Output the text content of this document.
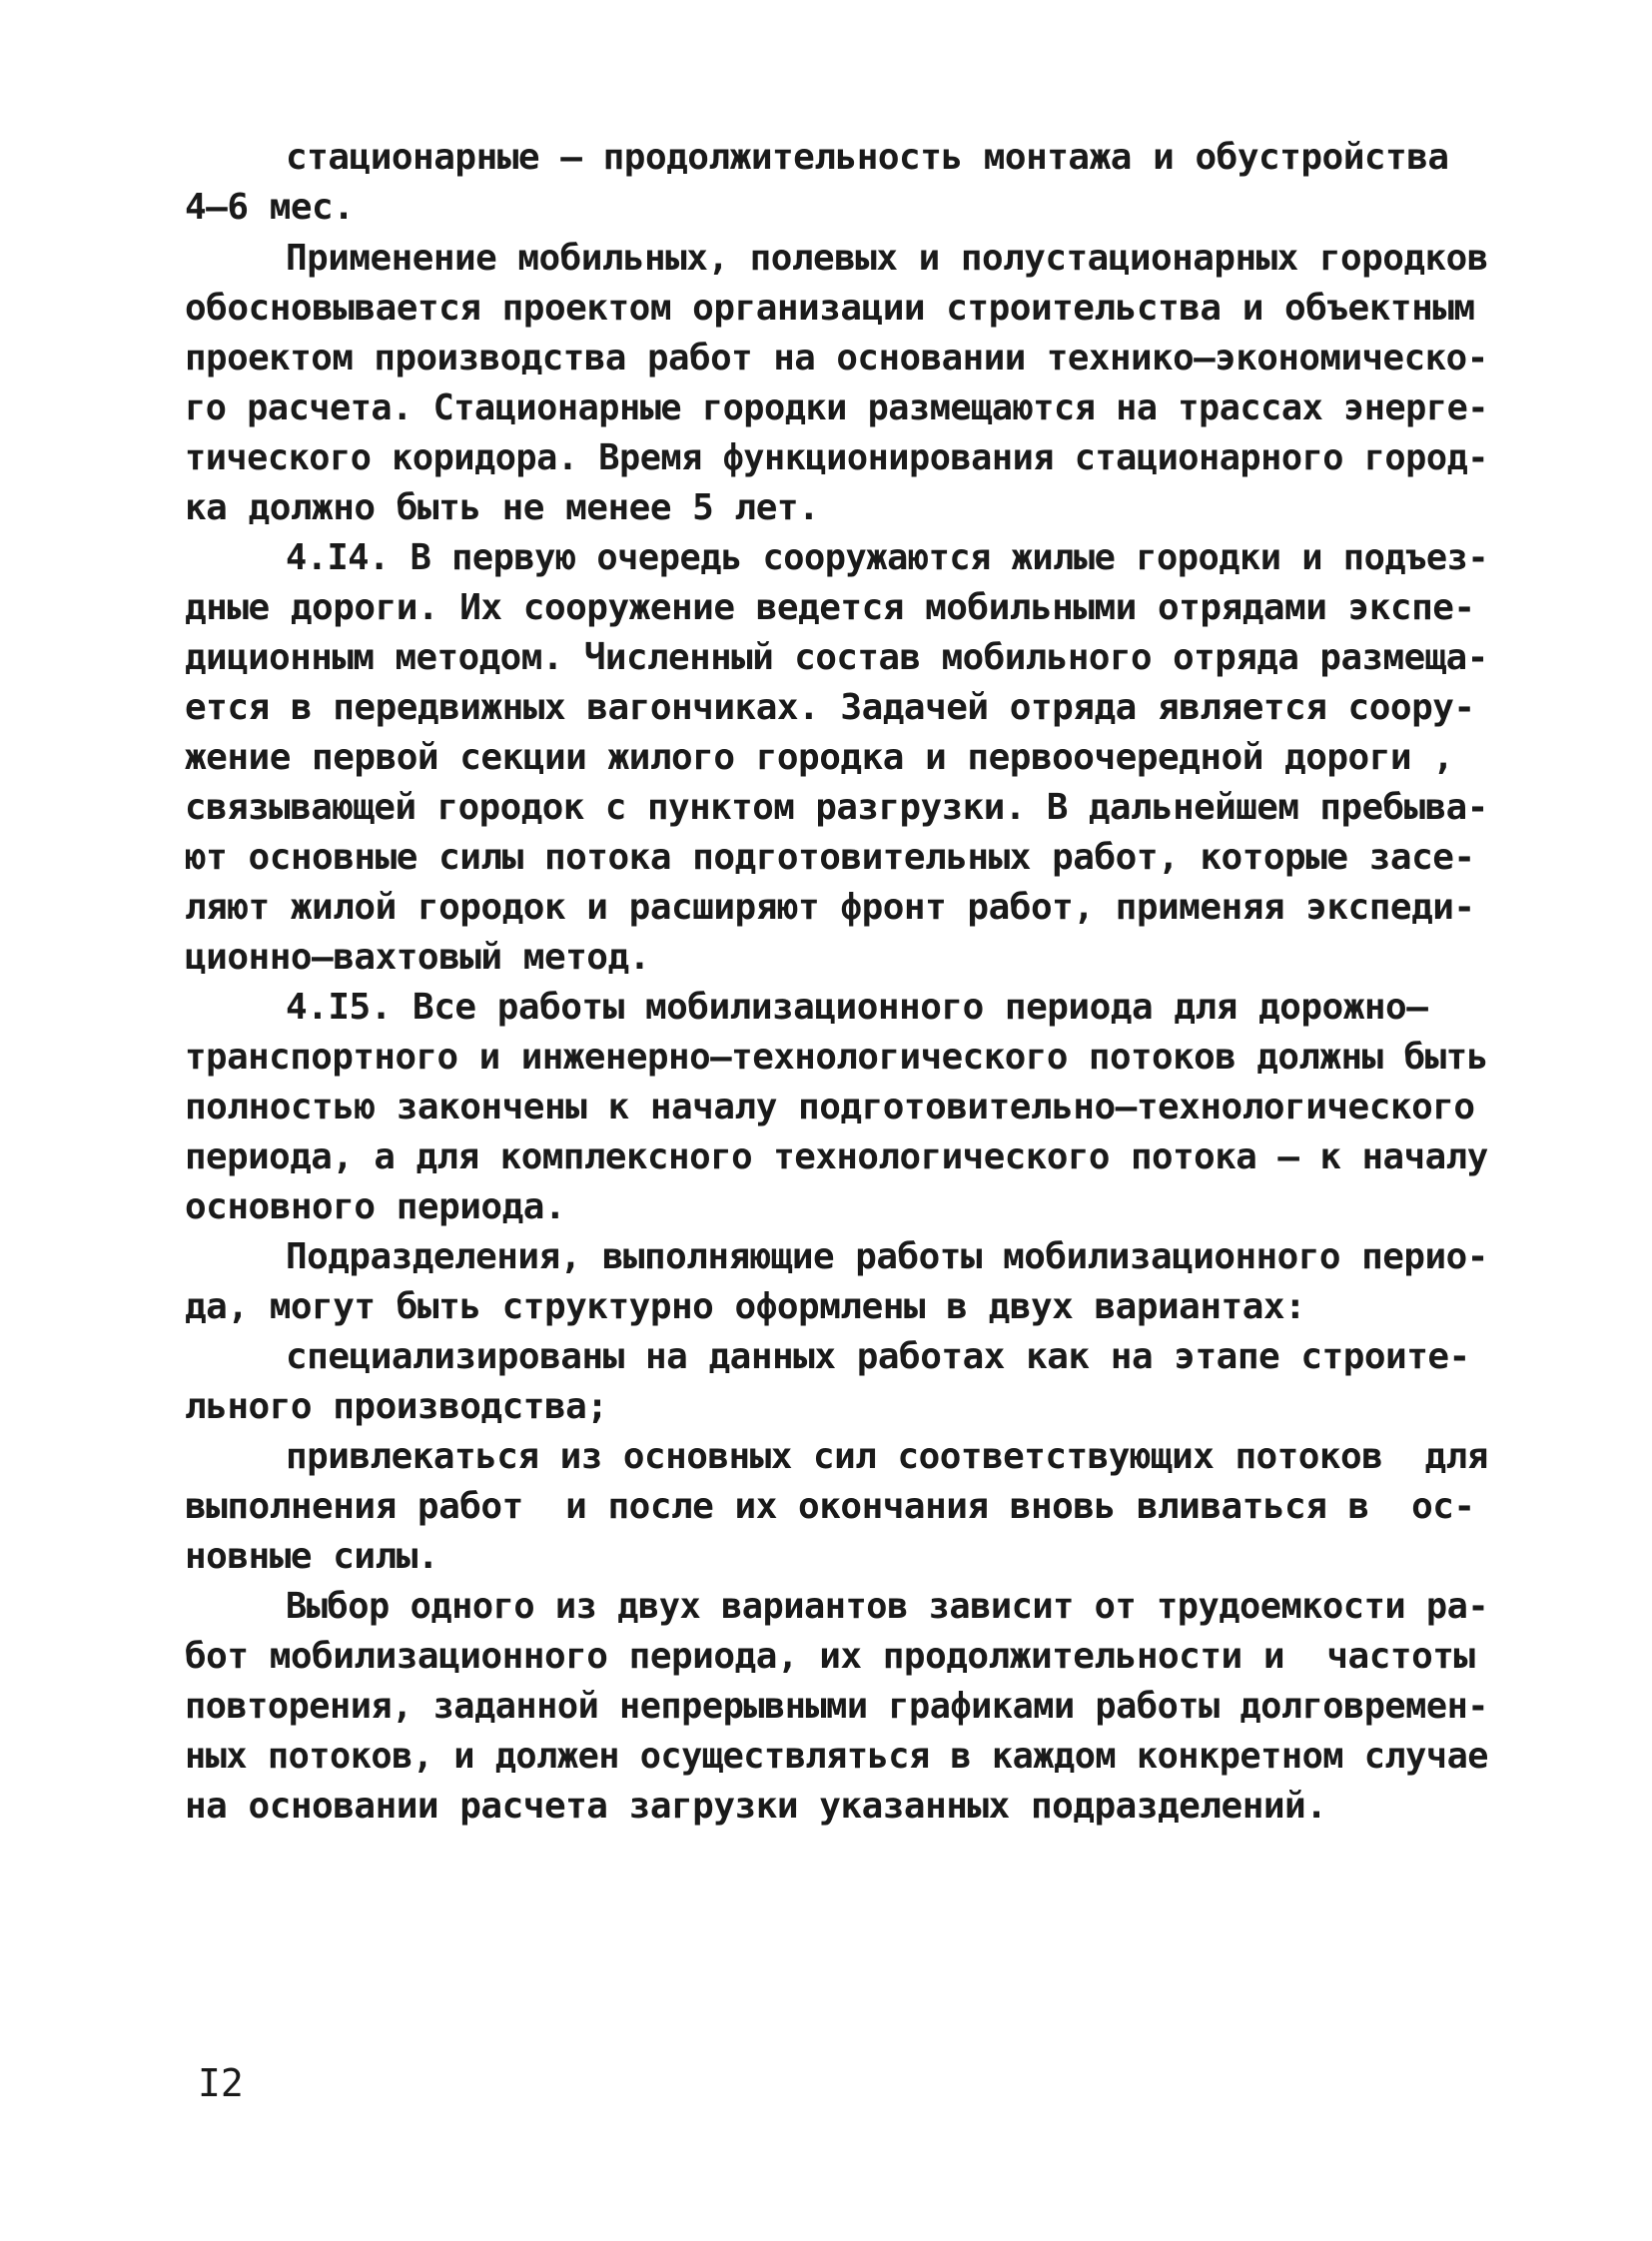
стационарные – продолжительность монтажа и обустройства
4–6 мес.
Применение мобильных, полевых и полустационарных городков
обосновывается проектом организации строительства и объектным
проектом производства работ на основании технико–экономическо-
го расчета. Стационарные городки размещаются на трассах энерге-
тического коридора. Время функционирования стационарного город-
ка должно быть не менее 5 лет.
4.I4. В первую очередь сооружаются жилые городки и подъез-
дные дороги. Их сооружение ведется мобильными отрядами экспе-
диционным методом. Численный состав мобильного отряда размеща-
ется в передвижных вагончиках. Задачей отряда является соору-
жение первой секции жилого городка и первоочередной дороги ,
связывающей городок с пунктом разгрузки. В дальнейшем пребыва-
ют основные силы потока подготовительных работ, которые засе-
ляют жилой городок и расширяют фронт работ, применяя экспеди-
ционно–вахтовый метод.
4.I5. Все работы мобилизационного периода для дорожно–
транспортного и инженерно–технологического потоков должны быть
полностью закончены к началу подготовительно–технологического
периода, а для комплексного технологического потока – к началу
основного периода.
Подразделения, выполняющие работы мобилизационного перио-
да, могут быть структурно оформлены в двух вариантах:
специализированы на данных работах как на этапе строите-
льного производства;
привлекаться из основных сил соответствующих потоков  для
выполнения работ  и после их окончания вновь вливаться в  ос-
новные силы.
Выбор одного из двух вариантов зависит от трудоемкости ра-
бот мобилизационного периода, их продолжительности и  частоты
повторения, заданной непрерывными графиками работы долговремен-
ных потоков, и должен осуществляться в каждом конкретном случае
на основании расчета загрузки указанных подразделений.
I2
